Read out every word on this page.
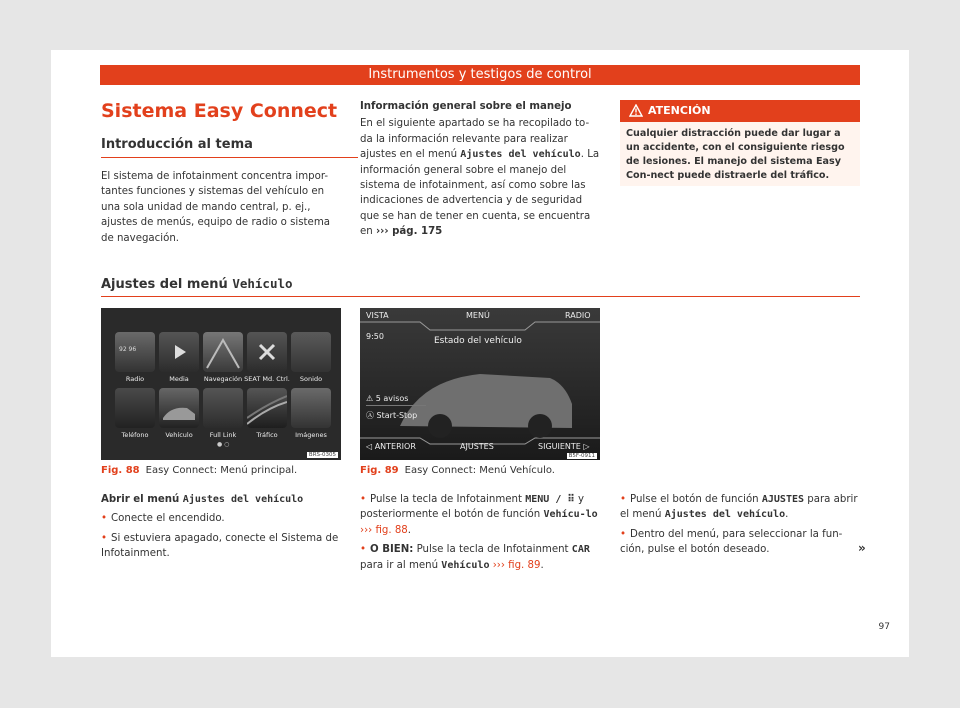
Instrumentos y testigos de control
Sistema Easy Connect
Introducción al tema
El sistema de infotainment concentra impor-tantes funciones y sistemas del vehículo en una sola unidad de mando central, p. ej., ajustes de menús, equipo de radio o sistema de navegación.
Información general sobre el manejo
En el siguiente apartado se ha recopilado to-da la información relevante para realizar ajustes en el menú Ajustes del vehículo. La información general sobre el manejo del sistema de infotainment, así como sobre las indicaciones de advertencia y de seguridad que se han de tener en cuenta, se encuentra en ››› pág. 175
ATENCIÓN
Cualquier distracción puede dar lugar a un accidente, con el consiguiente riesgo de lesiones. El manejo del sistema Easy Con-nect puede distraerle del tráfico.
Ajustes del menú Vehículo
92 96
Radio	Media	Navegación SEAT Md. Ctrl.	Sonido
Teléfono	Vehículo	Full Link	Tráfico	Imágenes
● ○
BRS-0305
Fig. 88 Easy Connect: Menú principal.
VISTA	MENÚ	RADIO
9:50	Estado del vehículo
⚠ 5 avisos
Ⓐ Start-Stop
◁ ANTERIOR	AJUSTES	SIGUIENTE ▷
B5F-0911
Fig. 89 Easy Connect: Menú Vehículo.
Abrir el menú Ajustes del vehículo
• Conecte el encendido.
• Si estuviera apagado, conecte el Sistema de Infotainment.
• Pulse la tecla de Infotainment MENU / ⠿ y posteriormente el botón de función Vehícu-lo ››› fig. 88.
• O BIEN: Pulse la tecla de Infotainment CAR para ir al menú Vehículo ››› fig. 89.
• Pulse el botón de función AJUSTES para abrir el menú Ajustes del vehículo.
• Dentro del menú, para seleccionar la fun-ción, pulse el botón deseado.	»
97
